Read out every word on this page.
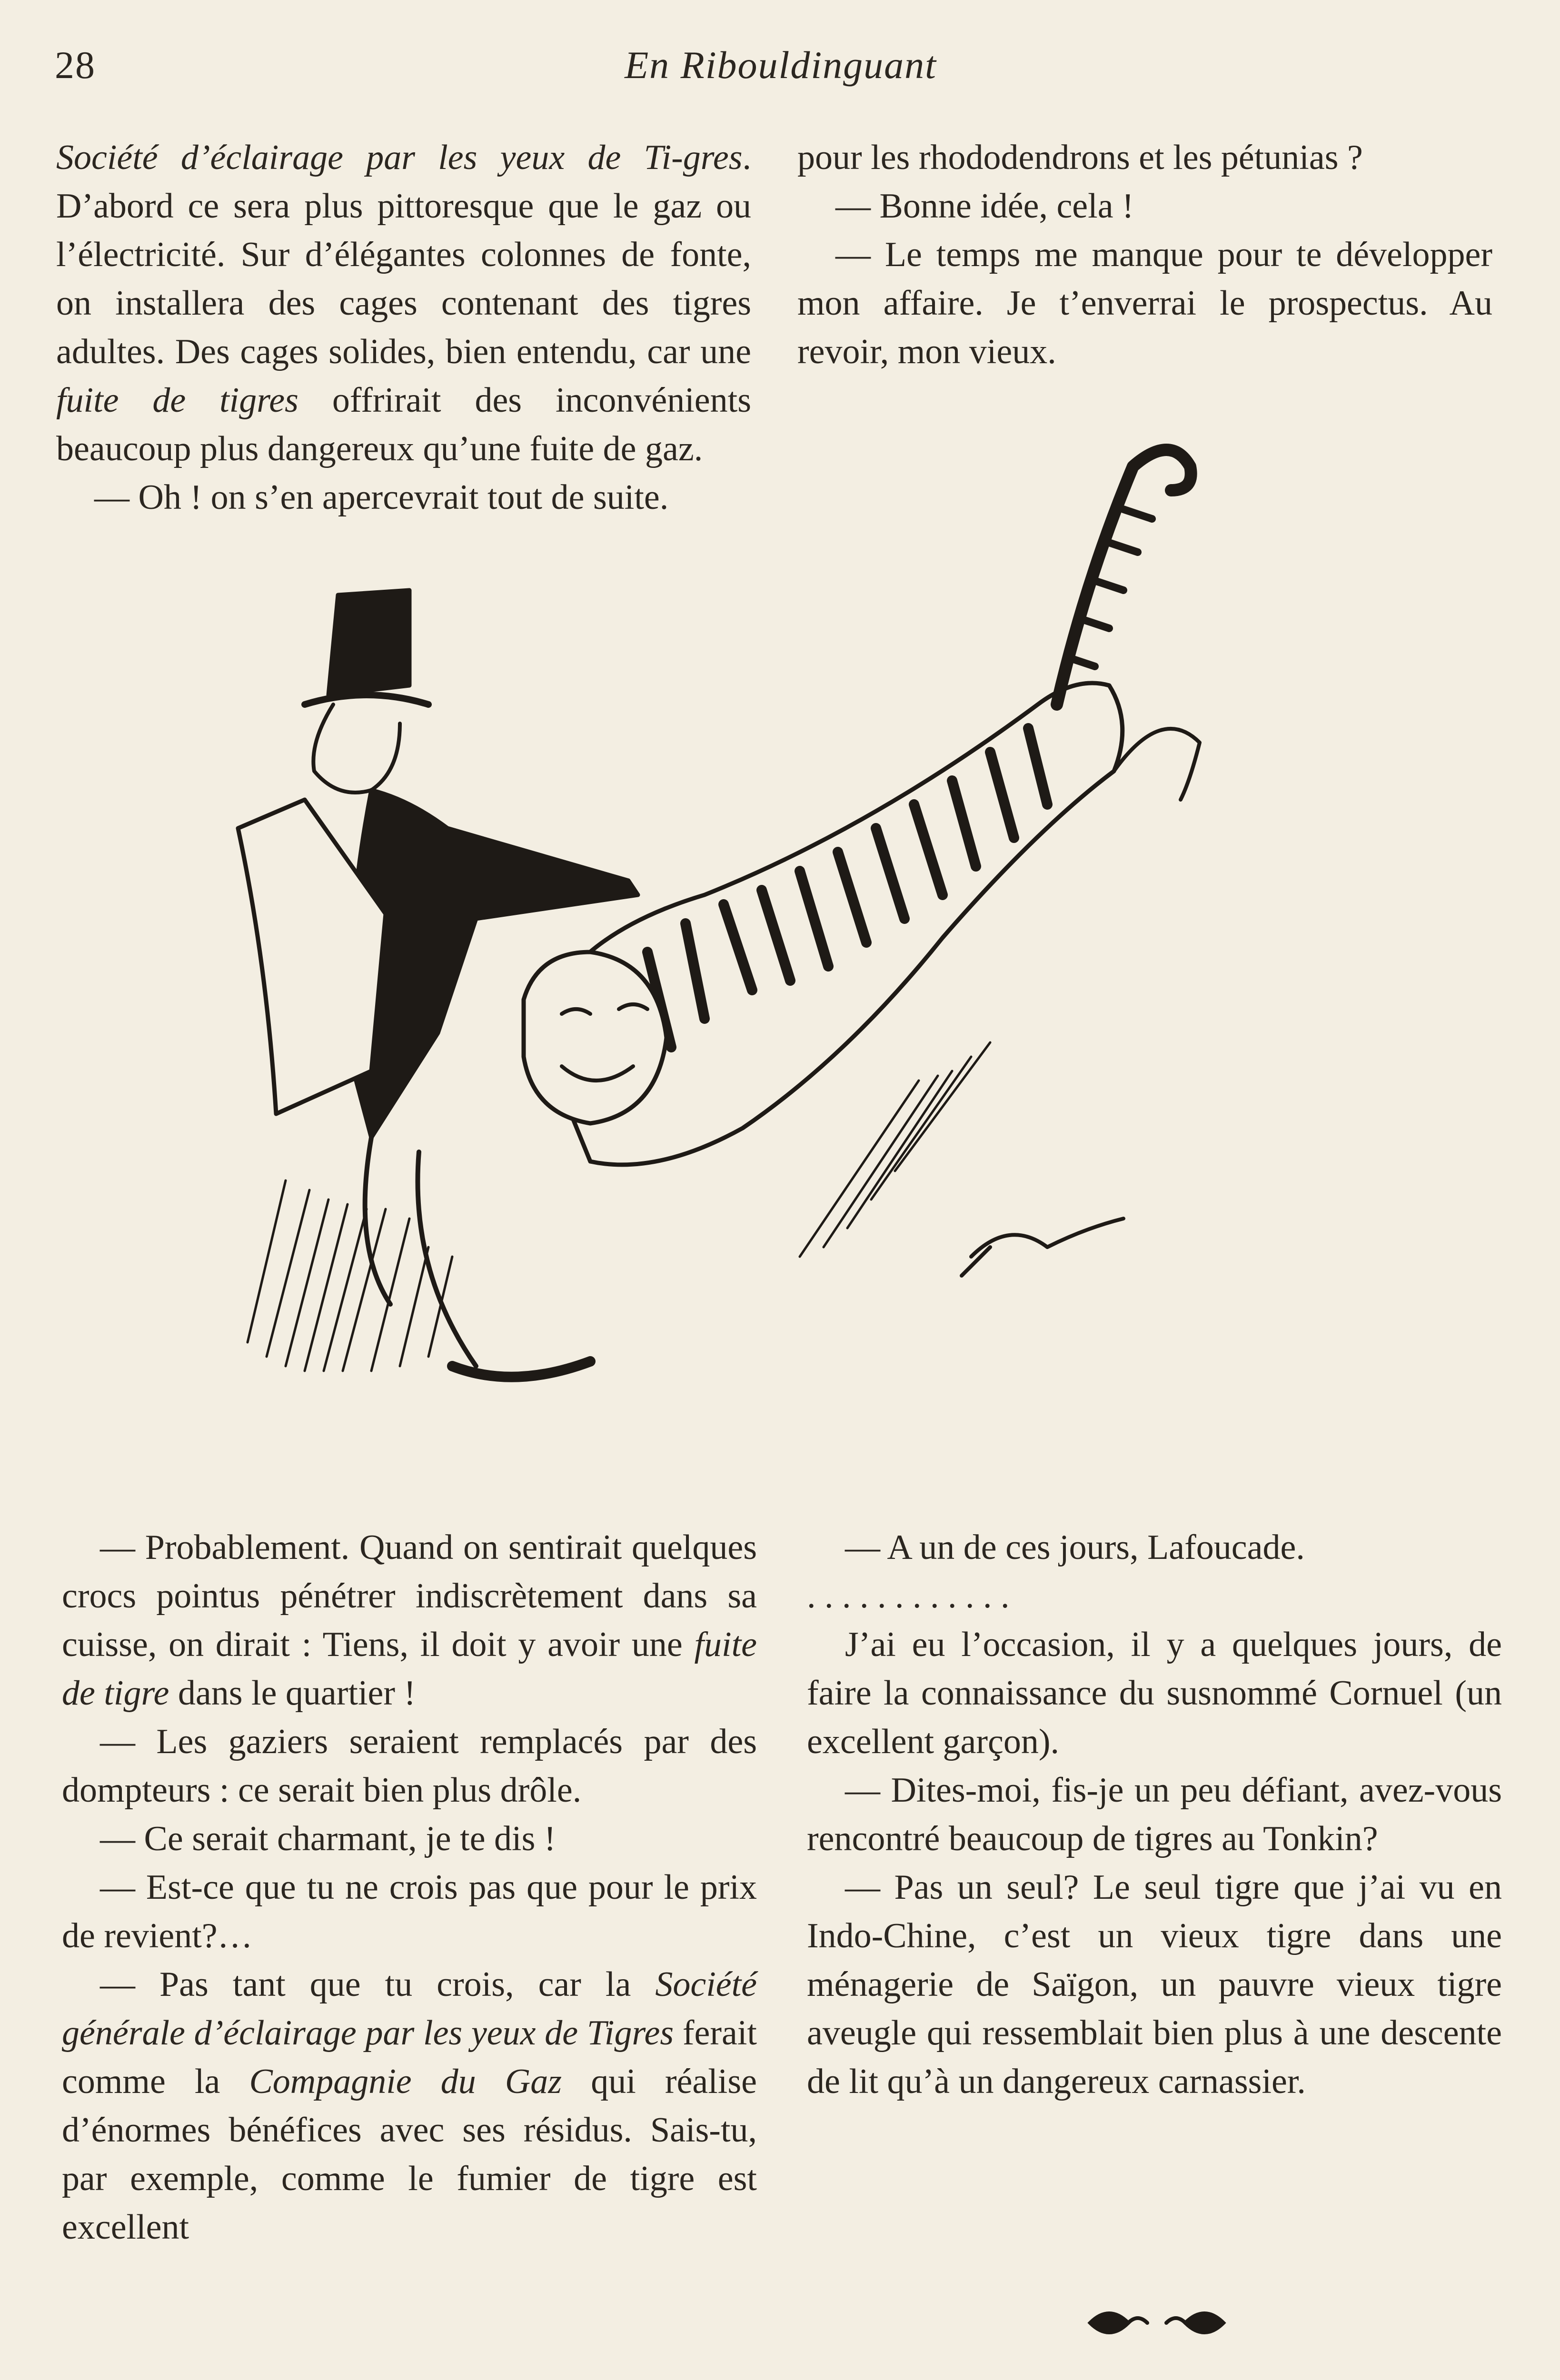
28	En Ribouldinguant

Société d’éclairage par les yeux de Ti-gres. D’abord ce sera plus pittoresque que le gaz ou l’électricité. Sur d’élégantes colonnes de fonte, on installera des cages contenant des tigres adultes. Des cages solides, bien entendu, car une fuite de tigres offrirait des inconvénients beaucoup plus dangereux qu’une fuite de gaz.

— Oh ! on s’en apercevrait tout de suite.

pour les rhododendrons et les pétunias ?

— Bonne idée, cela !

— Le temps me manque pour te développer mon affaire. Je t’enverrai le prospectus. Au revoir, mon vieux.

— Probablement. Quand on sentirait quelques crocs pointus pénétrer indiscrètement dans sa cuisse, on dirait : Tiens, il doit y avoir une fuite de tigre dans le quartier !

— Les gaziers seraient remplacés par des dompteurs : ce serait bien plus drôle.

— Ce serait charmant, je te dis !

— Est-ce que tu ne crois pas que pour le prix de revient?…

— Pas tant que tu crois, car la Société générale d’éclairage par les yeux de Tigres ferait comme la Compagnie du Gaz qui réalise d’énormes bénéfices avec ses résidus. Sais-tu, par exemple, comme le fumier de tigre est excellent

— A un de ces jours, Lafoucade.

. . . . . . . . . . . .

J’ai eu l’occasion, il y a quelques jours, de faire la connaissance du susnommé Cornuel (un excellent garçon).

— Dites-moi, fis-je un peu défiant, avez-vous rencontré beaucoup de tigres au Tonkin?

— Pas un seul? Le seul tigre que j’ai vu en Indo-Chine, c’est un vieux tigre dans une ménagerie de Saïgon, un pauvre vieux tigre aveugle qui ressemblait bien plus à une descente de lit qu’à un dangereux carnassier.
